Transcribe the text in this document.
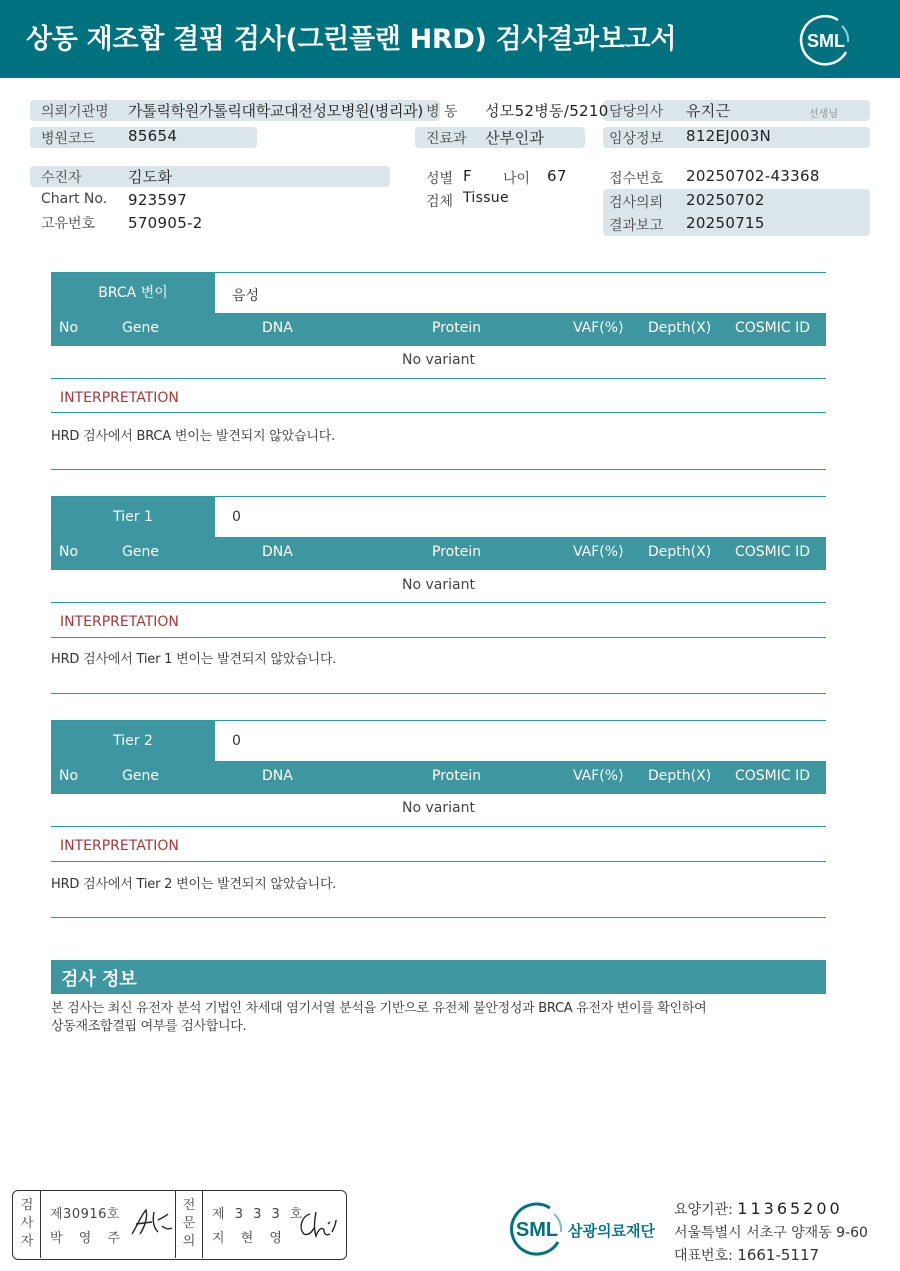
상동 재조합 결핍 검사(그린플랜 HRD) 검사결과보고서	SML
의뢰기관명 가톨릭학원가톨릭대학교대전성모병원(병리과) 병 동 성모52병동/5210 담당의사 유지근	선생님
병원코드 85654	진료과 산부인과	임상정보 812EJ003N
수진자	김도화	성별 F 나이 67	접수번호 20250702-43368
Chart No. 923597	검체 Tissue	검사의뢰 20250702
고유번호 570905-2	결과보고 20250715
BRCA 변이	음성
No	Gene	DNA	Protein	VAF(%) Depth(X) COSMIC ID
No variant
INTERPRETATION
HRD 검사에서 BRCA 변이는 발견되지 않았습니다.
Tier 1	0
No	Gene	DNA	Protein	VAF(%) Depth(X) COSMIC ID
No variant
INTERPRETATION
HRD 검사에서 Tier 1 변이는 발견되지 않았습니다.
Tier 2	0
No	Gene	DNA	Protein	VAF(%) Depth(X) COSMIC ID
No variant
INTERPRETATION
HRD 검사에서 Tier 2 변이는 발견되지 않았습니다.
검사 정보
본 검사는 최신 유전자 분석 기법인 차세대 염기서열 분석을 기반으로 유전체 불안정성과 BRCA 유전자 변이를 확인하여
상동재조합결핍 여부를 검사합니다.
검
사
자
제30916호
박 영 주
전
문
의
제 3 3 3 호
지 현 영	SML 삼광의료재단
요양기관: 11365200
서울특별시 서초구 양재동 9-60
대표번호: 1661-5117
